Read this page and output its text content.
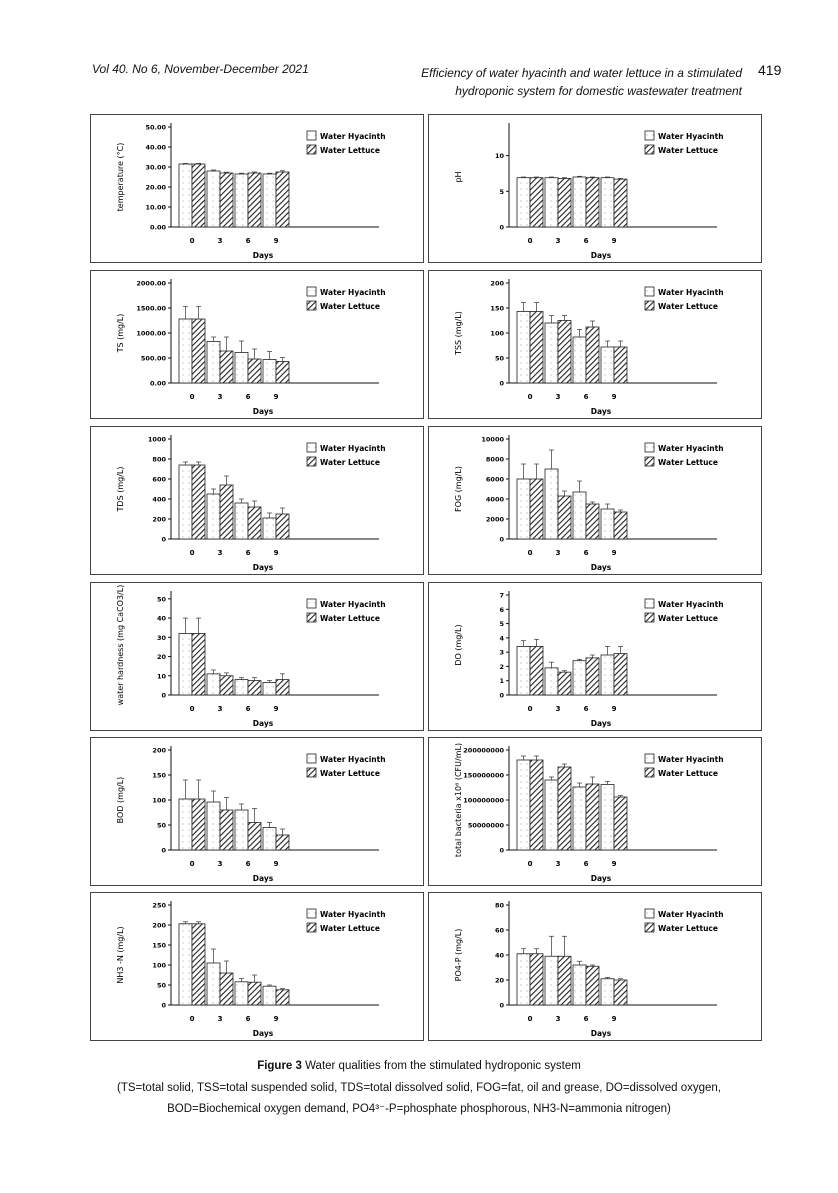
Vol 40. No 6, November-December 2021	Efficiency of water hyacinth and water lettuce in a stimulated
hydroponic system for domestic wastewater treatment
419
0.00
10.00
20.00
30.00
40.00
50.00
temperature (°C)
0	3	6	9
Days
Water Hyacinth
Water Lettuce
0
5
10
pH
0	3	6	9
Days
Water Hyacinth
Water Lettuce
0.00
500.00
1000.00
1500.00
2000.00
TS (mg/L)
0	3	6	9
Days
Water Hyacinth
Water Lettuce
0
50
100
150
200
TSS (mg/L)
0	3	6	9
Days
Water Hyacinth
Water Lettuce
0
200
400
600
800
1000
TDS (mg/L)
0	3	6	9
Days
Water Hyacinth
Water Lettuce
0
2000
4000
6000
8000
10000
FOG (mg/L)
0	3	6	9
Days
Water Hyacinth
Water Lettuce
0
10
20
30
40
50
water hardness (mg CaCO3/L)
0	3	6	9
Days
Water Hyacinth
Water Lettuce
0
1
2
3
4
5
6
7
DO (mg/L)
0	3	6	9
Days
Water Hyacinth
Water Lettuce
0
50
100
150
200
BOD (mg/L)
0	3	6	9
Days
Water Hyacinth
Water Lettuce
0
50000000
100000000
150000000
200000000
total bacteria x10⁶ (CFU/mL)
0	3	6	9
Days
Water Hyacinth
Water Lettuce
0
50
100
150
200
250
NH3 -N (mg/L)
0	3	6	9
Days
Water Hyacinth
Water Lettuce
0
20
40
60
80
PO4-P (mg/L)
0	3	6	9
Days
Water Hyacinth
Water Lettuce
Figure 3 Water qualities from the stimulated hydroponic system
(TS=total solid, TSS=total suspended solid, TDS=total dissolved solid, FOG=fat, oil and grease, DO=dissolved oxygen,
BOD=Biochemical oxygen demand, PO4³⁻-P=phosphate phosphorous, NH3-N=ammonia nitrogen)
